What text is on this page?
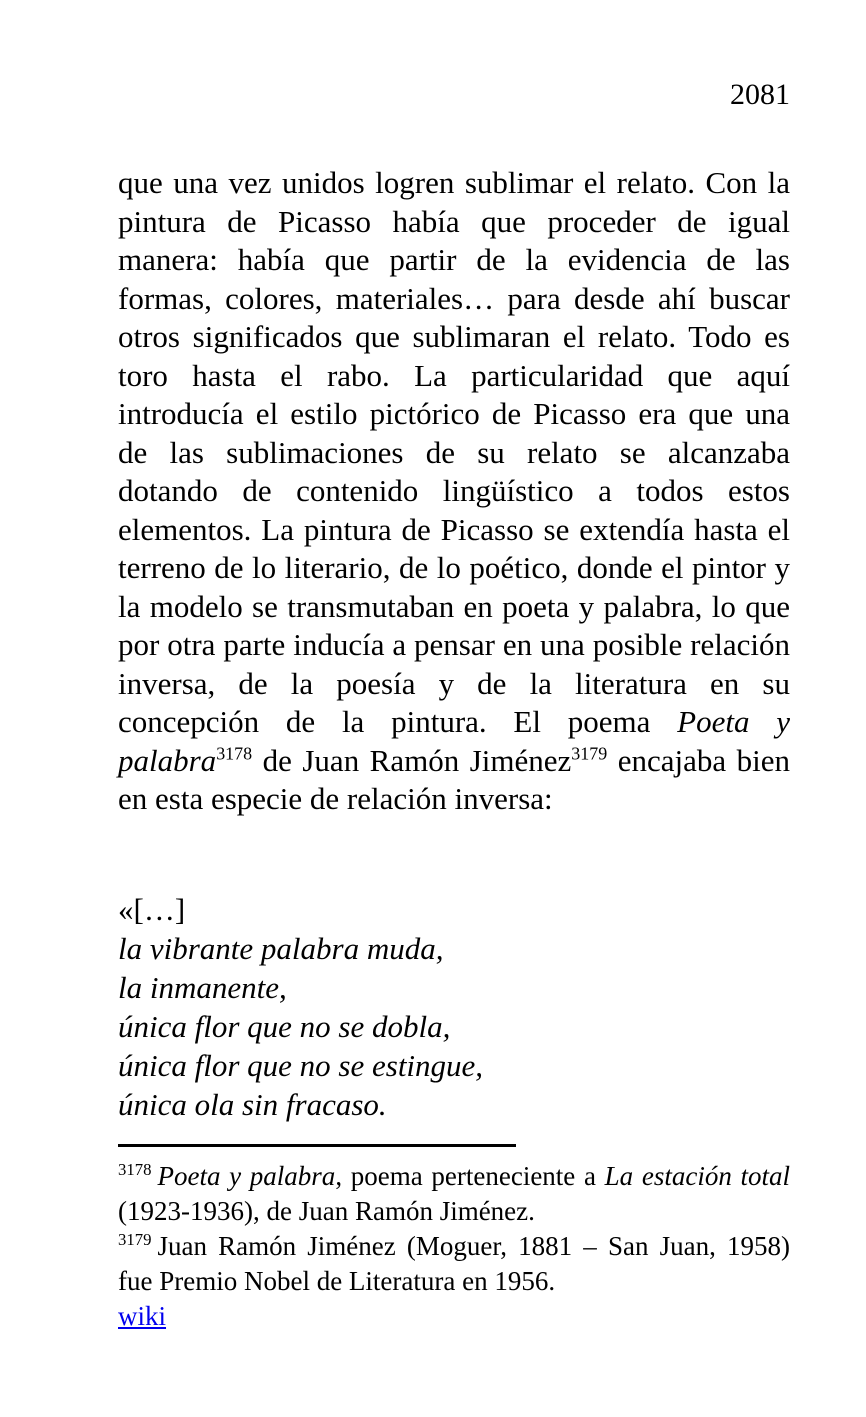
2081

que una vez unidos logren sublimar el relato. Con la pintura de Picasso había que proceder de igual manera: había que partir de la evidencia de las formas, colores, materiales… para desde ahí buscar otros significados que sublimaran el relato. Todo es toro hasta el rabo. La particularidad que aquí introducía el estilo pictórico de Picasso era que una de las sublimaciones de su relato se alcanzaba dotando de contenido lingüístico a todos estos elementos. La pintura de Picasso se extendía hasta el terreno de lo literario, de lo poético, donde el pintor y la modelo se transmutaban en poeta y palabra, lo que por otra parte inducía a pensar en una posible relación inversa, de la poesía y de la literatura en su concepción de la pintura. El poema Poeta y palabra$^{3178}$ de Juan Ramón Jiménez$^{3179}$ encajaba bien en esta especie de relación inversa:

«[…]
la vibrante palabra muda,
la inmanente,
única flor que no se dobla,
única flor que no se estingue,
única ola sin fracaso.

$^{3178}$ Poeta y palabra, poema perteneciente a La estación total (1923-1936), de Juan Ramón Jiménez.

$^{3179}$ Juan Ramón Jiménez (Moguer, 1881 – San Juan, 1958) fue Premio Nobel de Literatura en 1956.

wiki
